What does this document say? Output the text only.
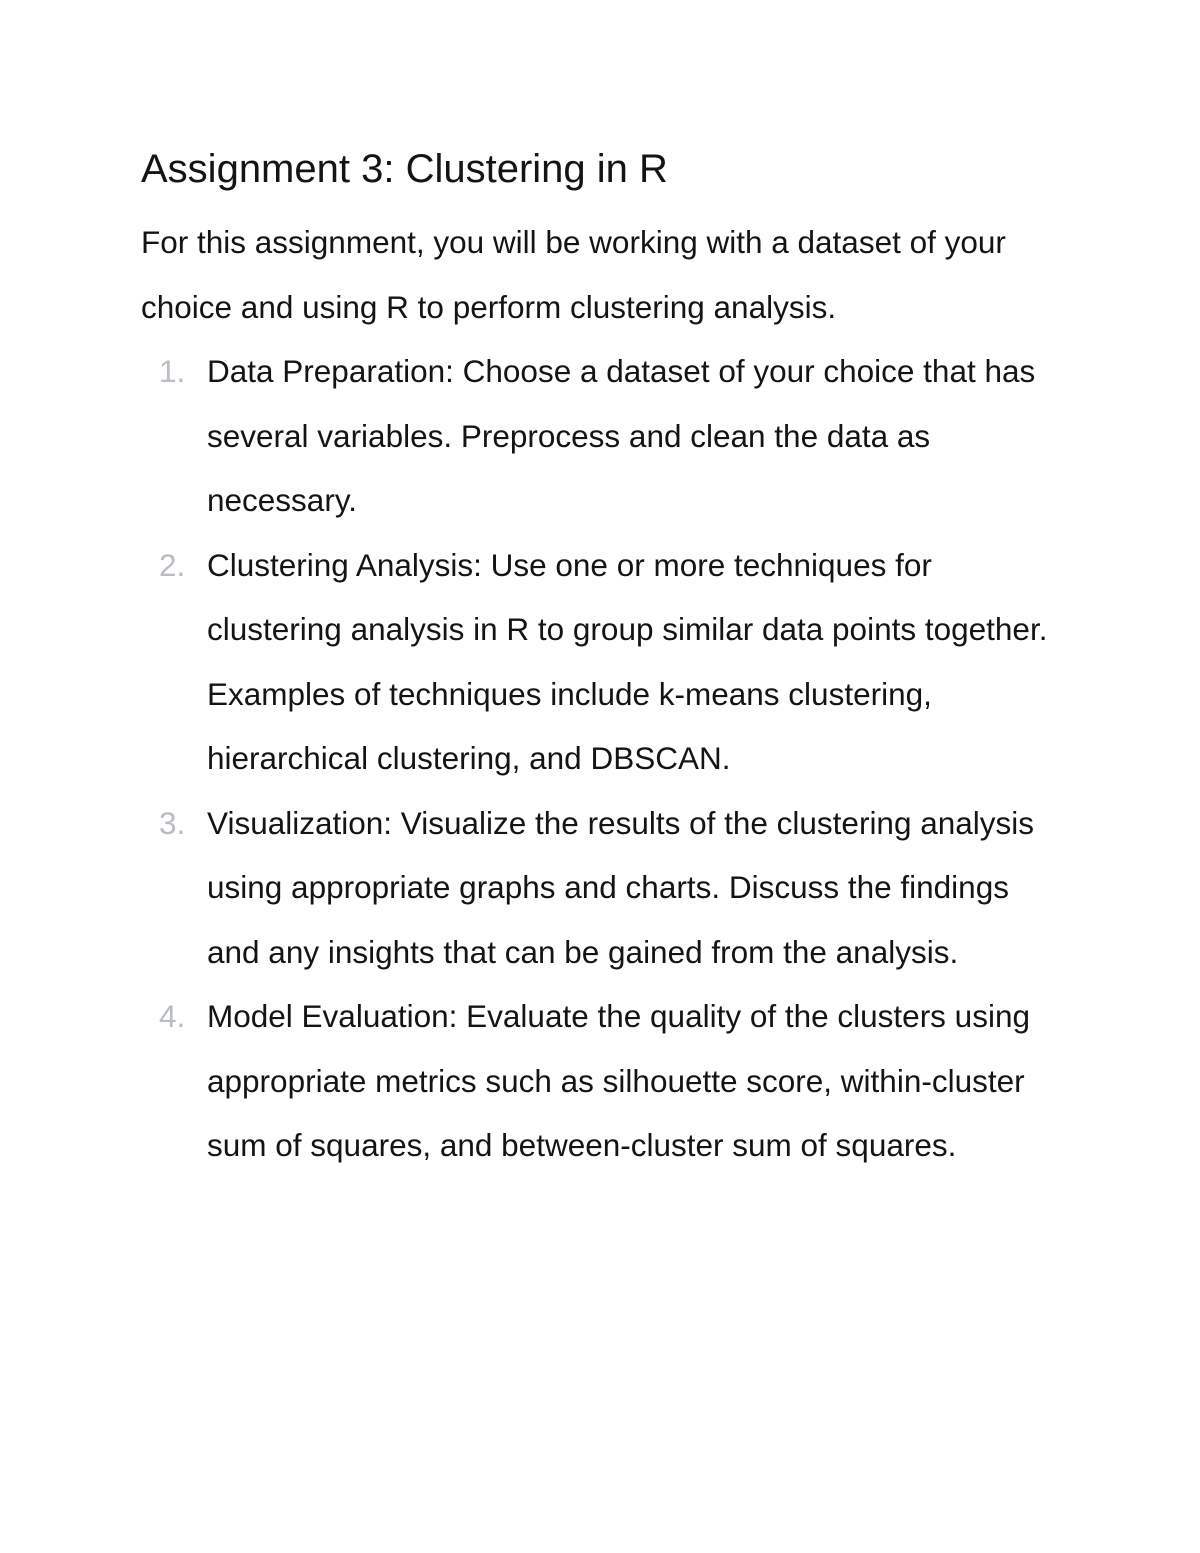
Assignment 3: Clustering in R

For this assignment, you will be working with a dataset of your choice and using R to perform clustering analysis.

1. Data Preparation: Choose a dataset of your choice that has several variables. Preprocess and clean the data as necessary.
2. Clustering Analysis: Use one or more techniques for clustering analysis in R to group similar data points together. Examples of techniques include k-means clustering, hierarchical clustering, and DBSCAN.
3. Visualization: Visualize the results of the clustering analysis using appropriate graphs and charts. Discuss the findings and any insights that can be gained from the analysis.
4. Model Evaluation: Evaluate the quality of the clusters using appropriate metrics such as silhouette score, within-cluster sum of squares, and between-cluster sum of squares.
